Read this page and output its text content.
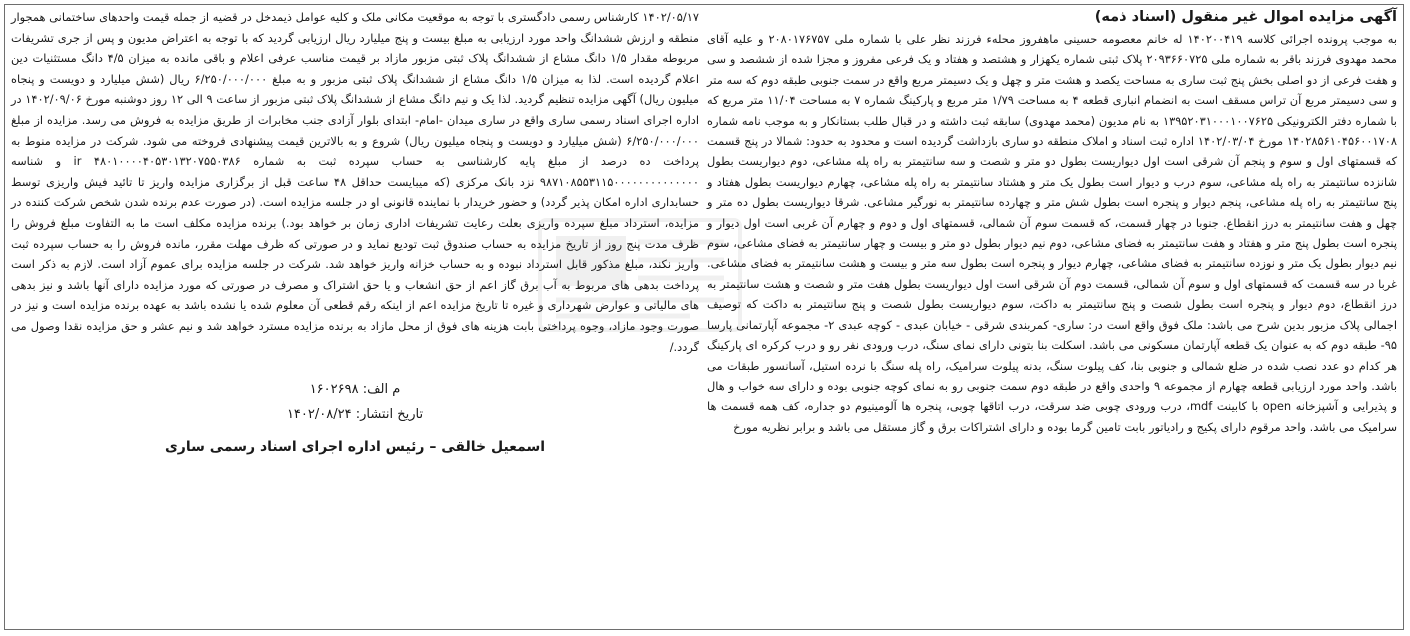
آگهی مزایده اموال غیر منقول (اسناد ذمه)

به موجب پرونده اجرائی کلاسه ۱۴۰۲۰۰۴۱۹ له خانم معصومه حسینی ماهفروز محله‌ء فرزند نظر علی با شماره ملی ۲۰۸۰۱۷۶۷۵۷ و علیه آقای محمد مهدوی فرزند باقر به شماره ملی ۲۰۹۳۶۶۰۷۲۵ پلاک ثبتی شماره یکهزار و هشتصد و هفتاد و یک فرعی مفروز و مجزا شده از ششصد و سی و هفت فرعی از دو اصلی بخش پنج ثبت ساری به مساحت یکصد و هشت متر و چهل و یک دسیمتر مربع واقع در سمت جنوبی طبقه دوم که سه متر و سی دسیمتر مربع آن تراس مسقف است به انضمام انباری قطعه ۴ به مساحت ۱/۷۹ متر مربع و پارکینگ شماره ۷ به مساحت ۱۱/۰۴ متر مربع که با شماره دفتر الکترونیکی ۱۳۹۵۲۰۳۱۰۰۰۱۰۰۷۶۲۵ به نام مدیون (محمد مهدوی) سابقه ثبت داشته و در قبال طلب بستانکار و به موجب نامه شماره ۱۴۰۲۸۵۶۱۰۴۵۶۰۰۱۷۰۸ مورخ ۱۴۰۲/۰۳/۰۴ اداره ثبت اسناد و املاک منطقه دو ساری بازداشت گردیده است و محدود به حدود: شمالا در پنج قسمت که قسمتهای اول و سوم و پنجم آن شرقی است اول دیواریست بطول دو متر و شصت و سه سانتیمتر به راه پله مشاعی، دوم دیواریست بطول شانزده سانتیمتر به راه پله مشاعی، سوم درب و دیوار است بطول یک متر و هشتاد سانتیمتر به راه پله مشاعی، چهارم دیواریست بطول هفتاد و پنج سانتیمتر به راه پله مشاعی، پنجم دیوار و پنجره است بطول شش متر و چهارده سانتیمتر به نورگیر مشاعی. شرقا دیواریست بطول ده متر و چهل و هفت سانتیمتر به درز انقطاع. جنوبا در چهار قسمت، که قسمت سوم آن شمالی، قسمتهای اول و دوم و چهارم آن غربی است اول دیوار و پنجره است بطول پنج متر و هفتاد و هفت سانتیمتر به فضای مشاعی، دوم نیم دیوار بطول دو متر و بیست و چهار سانتیمتر به فضای مشاعی، سوم نیم دیوار بطول یک متر و نوزده سانتیمتر به فضای مشاعی، چهارم دیوار و پنجره است بطول سه متر و بیست و هشت سانتیمتر به فضای مشاعی. غربا در سه قسمت که قسمتهای اول و سوم آن شمالی، قسمت دوم آن شرقی است اول دیواریست بطول هفت متر و شصت و هشت سانتیمتر به درز انقطاع، دوم دیوار و پنجره است بطول شصت و پنج سانتیمتر به داکت، سوم دیواریست بطول شصت و پنج سانتیمتر به داکت که توصیف اجمالی پلاک مزبور بدین شرح می باشد: ملک فوق واقع است در: ساری- کمربندی شرقی - خیابان عبدی - کوچه عبدی ۲- مجموعه آپارتمانی پارسا ۹۵- طبقه دوم که به عنوان یک قطعه آپارتمان مسکونی می باشد. اسکلت بنا بتونی دارای نمای سنگ، درب ورودی نفر رو و درب کرکره ای پارکینگ هر کدام دو عدد نصب شده در ضلع شمالی و جنوبی بنا، کف پیلوت سنگ، بدنه پیلوت سرامیک، راه پله سنگ با نرده استیل، آسانسور طبقات می باشد. واحد مورد ارزیابی قطعه چهارم از مجموعه ۹ واحدی واقع در طبقه دوم سمت جنوبی رو به نمای کوچه جنوبی بوده و دارای سه خواب و هال و پذیرایی و آشپزخانه open با کابینت mdf، درب ورودی چوبی ضد سرقت، درب اتاقها چوبی، پنجره ها آلومینیوم دو جداره، کف همه قسمت ها سرامیک می باشد. واحد مرقوم دارای پکیج و رادیاتور بابت تامین گرما بوده و دارای اشتراکات برق و گاز مستقل می باشد و برابر نظریه مورخ

۱۴۰۲/۰۵/۱۷ کارشناس رسمی دادگستری با توجه به موقعیت مکانی ملک و کلیه عوامل ذیمدخل در قضیه از جمله قیمت واحدهای ساختمانی همجوار منطقه و ارزش ششدانگ واحد مورد ارزیابی به مبلغ بیست و پنج میلیارد ریال ارزیابی گردید که با توجه به اعتراض مدیون و پس از جری تشریفات مربوطه مقدار ۱/۵ دانگ مشاع از ششدانگ پلاک ثبتی مزبور مازاد بر قیمت مناسب عرفی اعلام و باقی مانده به میزان ۴/۵ دانگ مستثنیات دین اعلام گردیده است. لذا به میزان ۱/۵ دانگ مشاع از ششدانگ پلاک ثبتی مزبور و به مبلغ ۶/۲۵۰/۰۰۰/۰۰۰ ریال (شش میلیارد و دویست و پنجاه میلیون ریال) آگهی مزایده تنظیم گردید. لذا یک و نیم دانگ مشاع از ششدانگ پلاک ثبتی مزبور از ساعت ۹ الی ۱۲ روز دوشنبه مورخ ۱۴۰۲/۰۹/۰۶ در اداره اجرای اسناد رسمی ساری واقع در ساری میدان -امام- ابتدای بلوار آزادی جنب مخابرات از طریق مزایده به فروش می رسد. مزایده از مبلغ ۶/۲۵۰/۰۰۰/۰۰۰ (شش میلیارد و دویست و پنجاه میلیون ریال) شروع و به بالاترین قیمت پیشنهادی فروخته می شود. شرکت در مزایده منوط به پرداخت ده درصد از مبلغ پایه کارشناسی به حساب سپرده ثبت به شماره ۴۸۰۱۰۰۰۰۴۰۵۳۰۱۳۲۰۷۵۵۰۳۸۶ ir و شناسه ۹۸۷۱۰۸۵۵۳۱۱۵۰۰۰۰۰۰۰۰۰۰۰۰۰۰ نزد بانک مرکزی (که میبایست حداقل ۴۸ ساعت قبل از برگزاری مزایده واریز تا تائید فیش واریزی توسط حسابداری اداره امکان پذیر گردد) و حضور خریدار با نماینده قانونی او در جلسه مزایده است. (در صورت عدم برنده شدن شخص شرکت کننده در مزایده، استرداد مبلغ سپرده واریزی بعلت رعایت تشریفات اداری زمان بر خواهد بود.) برنده مزایده مکلف است ما به التفاوت مبلغ فروش را ظرف مدت پنج روز از تاریخ مزایده به حساب صندوق ثبت تودیع نماید و در صورتی که ظرف مهلت مقرر، مانده فروش را به حساب سپرده ثبت واریز نکند، مبلغ مذکور قابل استرداد نبوده و به حساب خزانه واریز خواهد شد. شرکت در جلسه مزایده برای عموم آزاد است. لازم به ذکر است پرداخت بدهی های مربوط به آب برق گاز اعم از حق انشعاب و یا حق اشتراک و مصرف در صورتی که مورد مزایده دارای آنها باشد و نیز بدهی های مالیاتی و عوارض شهرداری و غیره تا تاریخ مزایده اعم از اینکه رقم قطعی آن معلوم شده یا نشده باشد به عهده برنده مزایده است و نیز در صورت وجود مازاد، وجوه پرداختی بابت هزینه های فوق از محل مازاد به برنده مزایده مسترد خواهد شد و نیم عشر و حق مزایده نقدا وصول می گردد./

م الف: ۱۶۰۲۶۹۸
تاریخ انتشار: ۱۴۰۲/۰۸/۲۴
اسمعیل خالقی – رئیس اداره اجرای اسناد رسمی ساری
